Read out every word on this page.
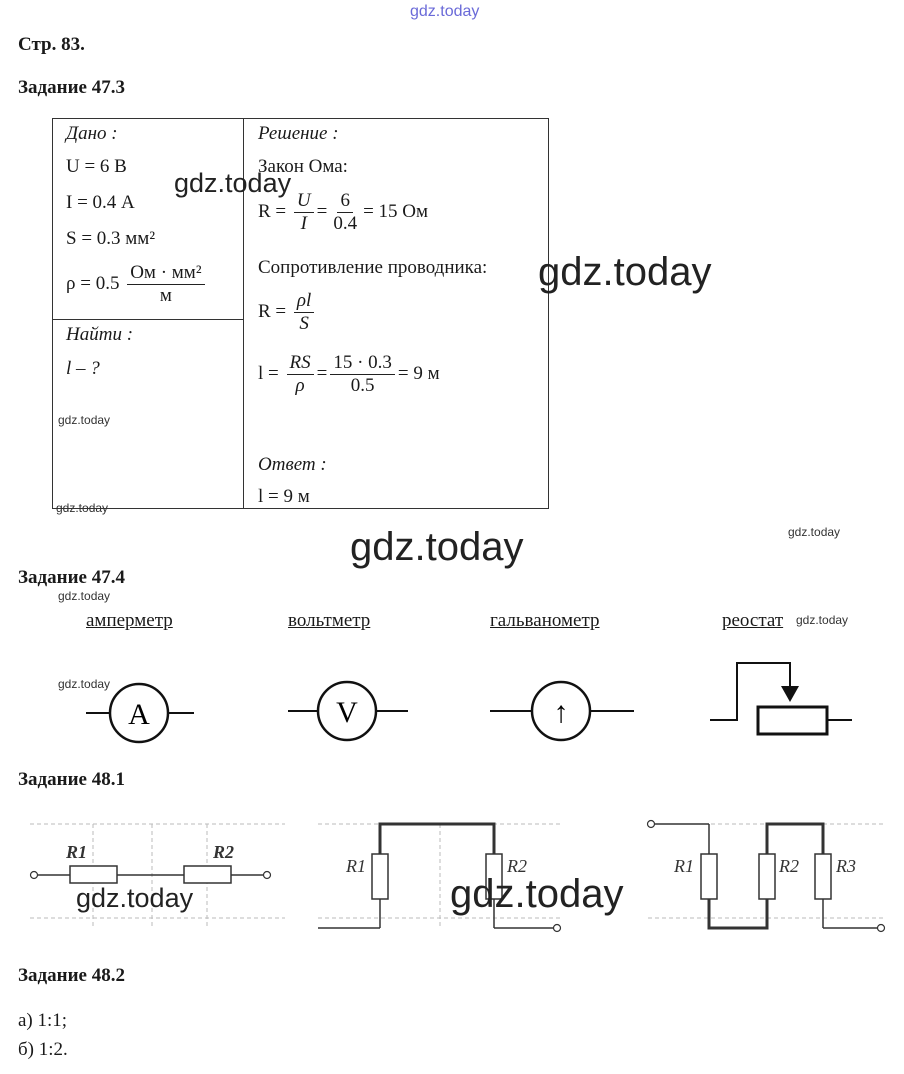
gdz.today
Стр. 83.
Задание 47.3
Дано :
U = 6 В
I = 0.4 А
S = 0.3 мм²
$\rho = 0.5 \frac{\text{Ом · мм²}}{м}$
Найти :
l – ?
Решение :
Закон Ома:
$R = \frac{U}{I} = \frac{6}{0.4} = 15$ Ом
Сопротивление проводника:
$R = \frac{\rho l}{S}$
$l = \frac{RS}{\rho} = \frac{15 \cdot 0.3}{0.5} = 9$ м
Ответ :
l = 9 м
gdz.today
gdz.today
gdz.today
gdz.today
gdz.today
gdz.today
Задание 47.4
gdz.today
амперметр	вольтметр	гальванометр	реостат gdz.today
gdz.today
A	V	↑
Задание 48.1
R1	R2
R1	R2	R1	R2 R3
gdz.today	gdz.today
Задание 48.2
а) 1:1;
б) 1:2.
